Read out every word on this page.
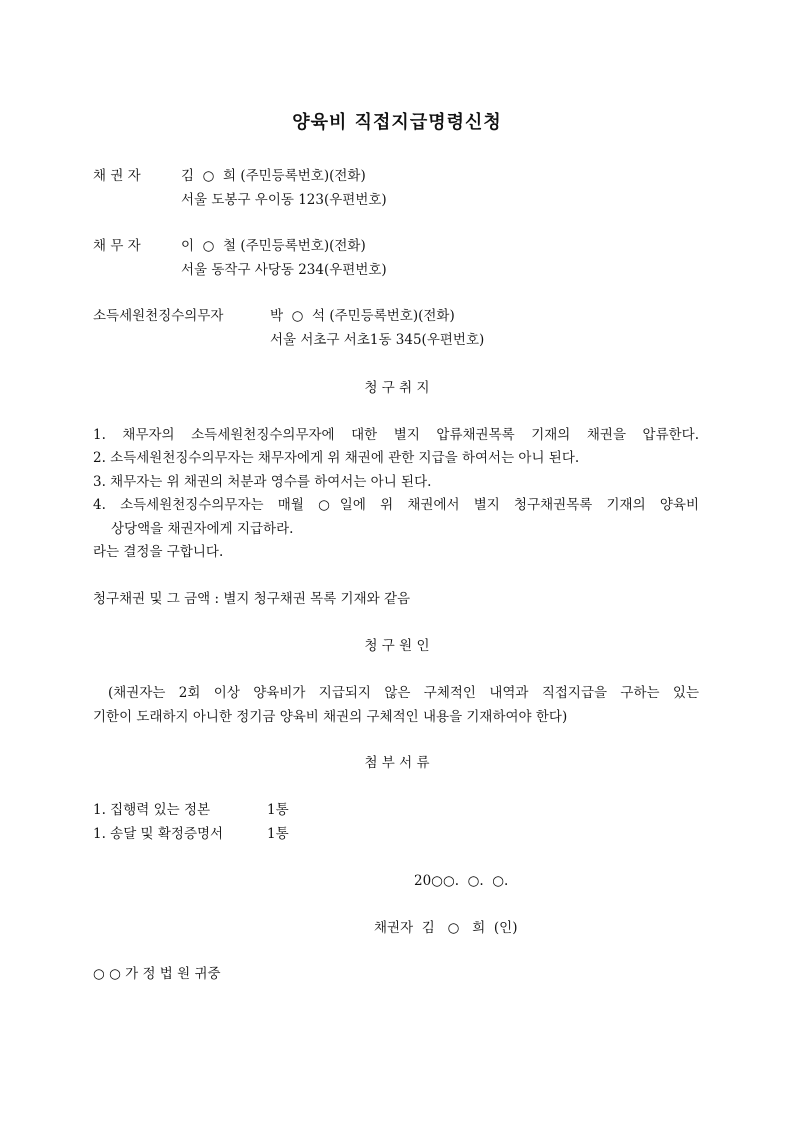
양육비 직접지급명령신청
채 권 자	김  ○  희 (주민등록번호)(전화)
서울 도봉구 우이동 123(우편번호)
채 무 자	이  ○  철 (주민등록번호)(전화)
서울 동작구 사당동 234(우편번호)
소득세원천징수의무자	박  ○  석 (주민등록번호)(전화)
서울 서초구 서초1동 345(우편번호)
청 구 취 지
1. 채무자의 소득세원천징수의무자에 대한 별지 압류채권목록 기재의 채권을 압류한다.
2. 소득세원천징수의무자는 채무자에게 위 채권에 관한 지급을 하여서는 아니 된다.
3. 채무자는 위 채권의 처분과 영수를 하여서는 아니 된다.
4. 소득세원천징수의무자는 매월 ○일에 위 채권에서 별지 청구채권목록 기재의 양육비
상당액을 채권자에게 지급하라.
라는 결정을 구합니다.
청구채권 및 그 금액 : 별지 청구채권 목록 기재와 같음
청 구 원 인
(채권자는 2회 이상 양육비가 지급되지 않은 구체적인 내역과 직접지급을 구하는 있는
기한이 도래하지 아니한 정기금 양육비 채권의 구체적인 내용을 기재하여야 한다)
첨 부 서 류
1. 집행력 있는 정본	1통
1. 송달 및 확정증명서	1통
20○○.  ○.  ○.
채권자  김   ○   희  (인)
○ ○ 가 정 법 원 귀중
